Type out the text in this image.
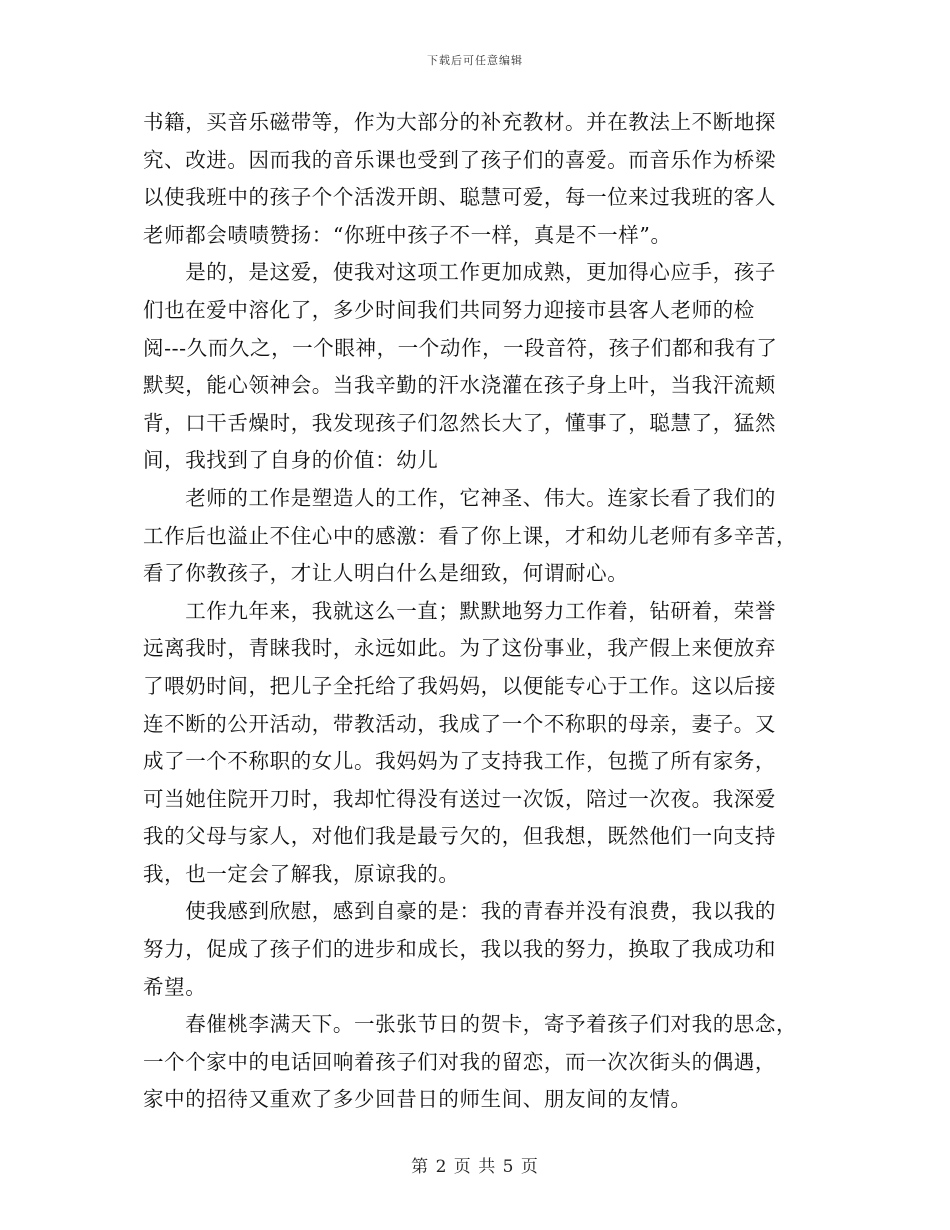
下载后可任意编辑
书籍，买音乐磁带等，作为大部分的补充教材。并在教法上不断地探
究、改进。因而我的音乐课也受到了孩子们的喜爱。而音乐作为桥梁
以使我班中的孩子个个活泼开朗、聪慧可爱，每一位来过我班的客人
老师都会啧啧赞扬：“你班中孩子不一样，真是不一样”。
　　是的，是这爱，使我对这项工作更加成熟，更加得心应手，孩子
们也在爱中溶化了，多少时间我们共同努力迎接市县客人老师的检
阅---久而久之，一个眼神，一个动作，一段音符，孩子们都和我有了
默契，能心领神会。当我辛勤的汗水浇灌在孩子身上叶，当我汗流颊
背，口干舌燥时，我发现孩子们忽然长大了，懂事了，聪慧了，猛然
间，我找到了自身的价值：幼儿
　　老师的工作是塑造人的工作，它神圣、伟大。连家长看了我们的
工作后也溢止不住心中的感激：看了你上课，才和幼儿老师有多辛苦，
看了你教孩子，才让人明白什么是细致，何谓耐心。
　　工作九年来，我就这么一直；默默地努力工作着，钻研着，荣誉
远离我时，青睐我时，永远如此。为了这份事业，我产假上来便放弃
了喂奶时间，把儿子全托给了我妈妈，以便能专心于工作。这以后接
连不断的公开活动，带教活动，我成了一个不称职的母亲，妻子。又
成了一个不称职的女儿。我妈妈为了支持我工作，包揽了所有家务，
可当她住院开刀时，我却忙得没有送过一次饭，陪过一次夜。我深爱
我的父母与家人，对他们我是最亏欠的，但我想，既然他们一向支持
我，也一定会了解我，原谅我的。
　　使我感到欣慰，感到自豪的是：我的青春并没有浪费，我以我的
努力，促成了孩子们的进步和成长，我以我的努力，换取了我成功和
希望。
　　春催桃李满天下。一张张节日的贺卡，寄予着孩子们对我的思念，
一个个家中的电话回响着孩子们对我的留恋，而一次次街头的偶遇，
家中的招待又重欢了多少回昔日的师生间、朋友间的友情。
第 2 页 共 5 页
